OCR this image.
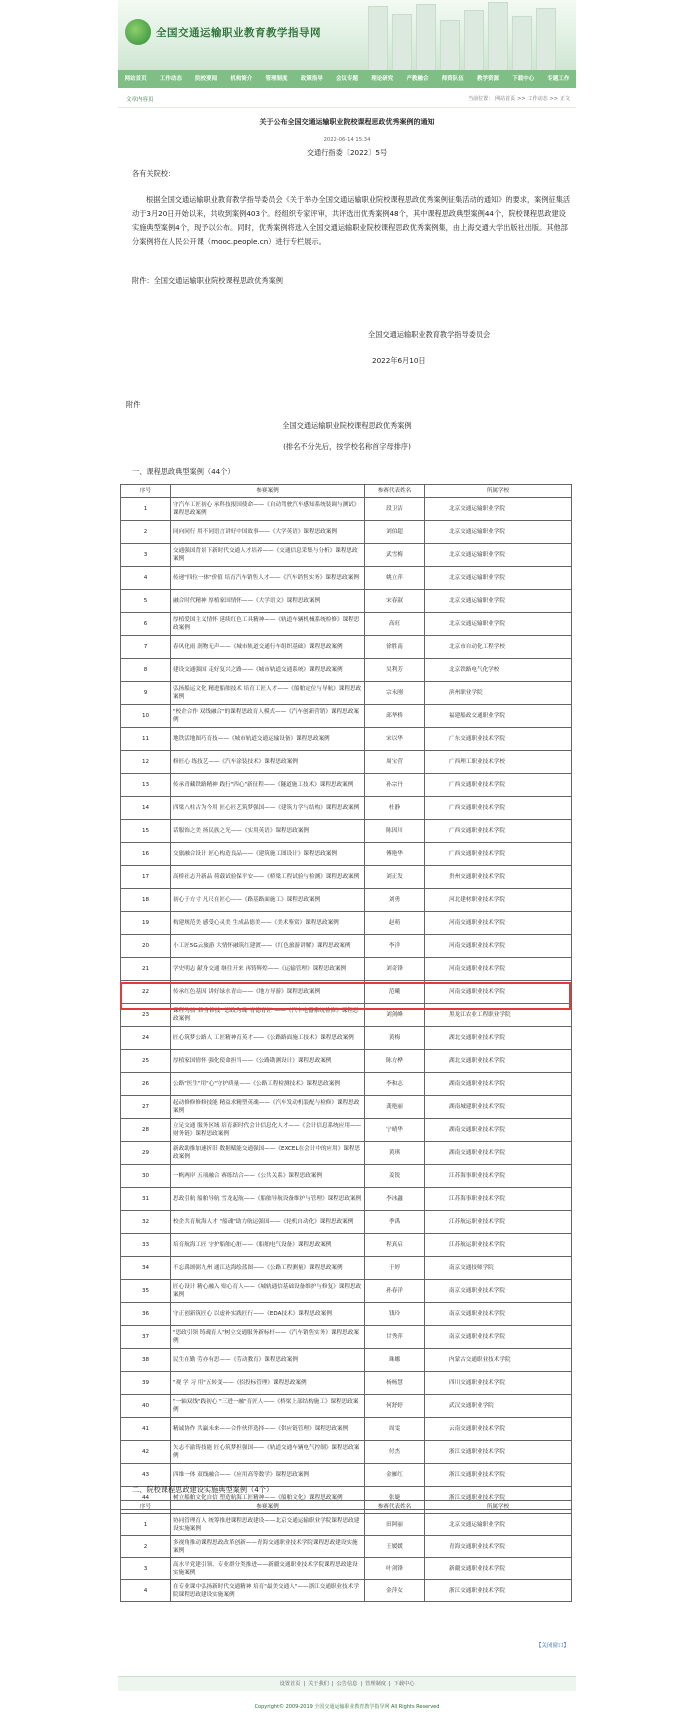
全国交通运输职业教育教学指导网
网站首页	工作动态	院校要闻	机构简介	管理制度	政策指导	会议专题	理论研究	产教融合	师资队伍	教学资源	下载中心	专题工作
文章内容页	当前位置： 网站首页 >> 工作动态 >> 正文
关于公布全国交通运输职业院校课程思政优秀案例的通知
2022-06-14 15:34
交通行指委〔2022〕5号
各有关院校：
根据全国交通运输职业教育教学指导委员会《关于举办全国交通运输职业院校课程思政优秀案例征集活动的通知》的要求，案例征集活动于3月20日开始以来，共收到案例403个。经组织专家评审，共评选出优秀案例48个，其中课程思政典型案例44个，院校课程思政建设实施典型案例4个，现予以公布。同时，优秀案例将选入全国交通运输职业院校课程思政优秀案例集，由上海交通大学出版社出版。其他部分案例将在人民公开课（mooc.people.cn）进行专栏展示。
附件：全国交通运输职业院校课程思政优秀案例
全国交通运输职业教育教学指导委员会
2022年6月10日
附件
全国交通运输职业院校课程思政优秀案例
(排名不分先后，按学校名称首字母排序)
一、课程思政典型案例（44个）
序号	参赛案例	参赛代表姓名	所属学校
1	守汽车工匠初心 承科技报国使命——《自动驾驶汽车感知系统装调与测试》课程思政案例	段卫洁	北京交通运输职业学院
2	同向同行 用不同语言讲好中国故事——《大学英语》课程思政案例	刘伯超	北京交通运输职业学院
3	交通强国背景下新时代交通人才培养——《交通信息采集与分析》课程思政案例	武雪梅	北京交通运输职业学院
4	传递"四位一体"价值 培育汽车销售人才——《汽车销售实务》课程思政案例	姚立萍	北京交通运输职业学院
5	融合时代精神 厚植家国情怀——《大学语文》课程思政案例	宋春淑	北京交通运输职业学院
6	厚植爱国主义情怀 延续红色工具精神——《轨道车辆机械系统检修》课程思政案例	高旺	北京交通运输职业学院
7	春风化雨 润物无声——《城市轨道交通行车组织基础》课程思政案例	徐胜南	北京市自动化工程学校
8	建设交通强国 走好复兴之路——《城市轨道交通系统》课程思政案例	吴利芳	北京铁路电气化学校
9	弘扬船运文化 精进船舶技术 培育工匠人才——《船舶定位与导航》课程思政案例	宗永刚	滨州职业学院
10	"校企合作 双线融合"的课程思政育人模式——《汽车创新营销》课程思政案例	邱华桥	福建船政交通职业学院
11	地铁活地图巧育技——《城市轨道交通运输设备》课程思政案例	宋以华	广东交通职业技术学院
12	修匠心 练技艺——《汽车涂装技术》课程思政案例	周宝营	广西理工职业技术学校
13	传承青藏铁路精神 践行"四心"新征程——《隧道施工技术》课程思政案例	孙宗丹	广西交通职业技术学院
14	四梁八柱古为今用 匠心匠艺筑梦强国——《建筑力学与结构》课程思政案例	杜静	广西交通职业技术学院
15	话服饰之美 扬民族之光——《实用英语》课程思政案例	陈因川	广西交通职业技术学院
16	交旅融合设计 匠心构造良品——《建筑施工图设计》课程思政案例	傅艳华	广西交通职业技术学院
17	高桥社志升新品 荷载试验保平安——《桥梁工程试验与检测》课程思政案例	刘正发	贵州交通职业技术学院
18	初心于方寸 凡尺在匠心——《路基路面施工》课程思政案例	刘勇	河北建材职业技术学院
19	构建规范美 感受心灵美 生成品德美——《美术鉴赏》课程思政案例	赵萌	河南交通职业技术学院
20	小工匠5G云旅游 大情怀融筑红建渡——《红色旅游讲解》课程思政案例	李洋	河南交通职业技术学院
21	学史明志 献身交通 继往开来 再铸辉煌——《运输管理》课程思政案例	刘奇锋	河南交通职业技术学院
22	传承红色基因 讲好绿水青山——《地方导游》课程思政案例	范曦	河南交通职业技术学院
23	课程为核"修身修技" 思政为魂"育德育匠"——《汽车电器系统检修》课程思政案例	刘剑峰	黑龙江农业工程职业学院
24	匠心筑梦公路人 工匠精神育英才——《公路路面施工技术》课程思政案例	黄梅	湖北交通职业技术学院
25	厚植家国情怀 强化使命担当——《公路勘测设计》课程思政案例	陈方桦	湖北交通职业技术学院
26	公路"医生"用"心"守护质量——《公路工程检测技术》课程思政案例	李和志	湖南交通职业技术学院
27	起动修修修修技能 精益求精塑英魂——《汽车发动机装配与检修》课程思政案例	龚艳丽	湖南城建职业技术学院
28	立足交通 服务区域 培育新时代会计信息化人才——《会计信息系统应用——财务链》课程思政案例	宁晴华	湖南交通职业技术学院
29	新政助推加速折旧 数据赋能交通强国——《EXCEL在会计中的应用》课程思政案例	黄琪	湖南交通职业技术学院
30	一帆两岸 五项融合 赛练结合——《公共关系》课程思政案例	姜锐	江苏海事职业技术学院
31	思政引航 船舶导航 雪龙起航——《船舶导航设备维护与管理》课程思政案例	李冰蠡	江苏海事职业技术学院
32	校企共育航海人才 "船魂"助力航运强国——《轮机自动化》课程思政案例	季禹	江苏航运职业技术学院
33	培育航海工匠 守护船舶心脏——《船舶电气设备》课程思政案例	程真启	江苏航运职业技术学院
34	不忘禹颂弼九州 通江达海绘蓝图——《公路工程测量》课程思政案例	于婷	南京交通技师学院
35	匠心设计 精心融入 贴心育人——《城轨通信基础设备维护与修复》课程思政案例	孙春洋	南京交通职业技术学院
36	守正创新筑匠心 以虚补实践匠行——《EDA技术》课程思政案例	钱玲	南京交通职业技术学院
37	"思政引领 铸魂育人"树立交通服务新标杆——《汽车销售实务》课程思政案例	甘秀萍	南京交通职业技术学院
38	民生在勤 劳亦有思——《劳动教育》课程思政案例	珠娜	内蒙古交通职业技术学院
39	"观 学 习 用"五转变——《招投标管理》课程思政案例	杨杨慧	四川交通职业技术学院
40	"一轴双线"践初心 "三进一融"育匠人——《桥梁上部结构施工》课程思政案例	何舒婷	武汉交通职业学院
41	精诚协作 共赢未来——合作伙伴选择——《供应链管理》课程思政案例	周雯	云南交通职业技术学院
42	矢志不渝铸技能 匠心筑梦担强国——《轨道交通车辆电气控制》课程思政案例	付杰	浙江交通职业技术学院
43	四维一体 双线融合——《应用高等数学》课程思政案例	金雁红	浙江交通职业技术学院
44	树立船舶文化自信 塑造航海工匠精神——《船舶文化》课程思政案例	张婕	浙江交通职业技术学院
二、院校课程思政建设实施典型案例（4个）
序号	参赛案例	参赛代表姓名	所属学校
1	协同管理育人 统筹推进课程思政建设——北京交通运输职业学院课程思政建设实施案例	田阿丽	北京交通运输职业学院
2	多视角推动课程思政改革创新——青海交通职业技术学院课程思政建设实施案例	王媛媛	青海交通职业技术学院
3	高水平党建引领、专业群分类推进——新疆交通职业技术学院课程思政建设实施案例	叶剑锋	新疆交通职业技术学院
4	在专业课中弘扬新时代交通精神 培育"最美交通人"——浙江交通职业技术学院课程思政建设实施案例	金萍女	浙江交通职业技术学院
【关闭窗口】
设置首页 | 关于我们 | 公告信息 | 管理制度 | 下载中心
Copyright© 2009-2019 全国交通运输职业教育教学指导网 All Rights Reserved
